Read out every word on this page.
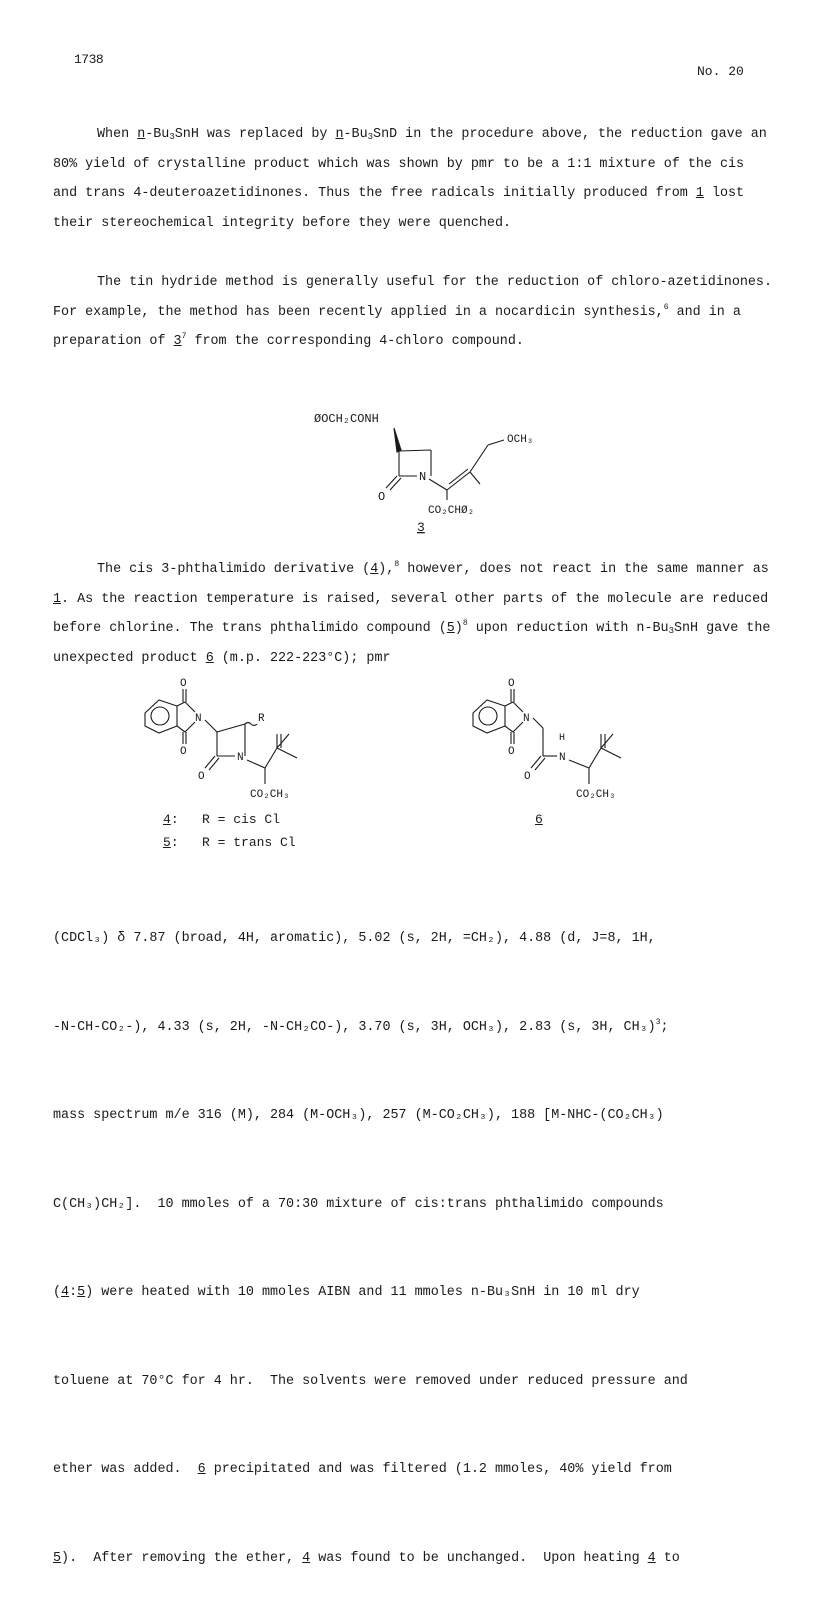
1738
No. 20

When $n-Bu_3SnH$ was replaced by $n-Bu_3SnD$ in the procedure above, the reduction gave an 80% yield of crystalline product which was shown by pmr to be a 1:1 mixture of the cis and trans 4-deuteroazetidinones. Thus the free radicals initially produced from 1 lost their stereochemical integrity before they were quenched.

The tin hydride method is generally useful for the reduction of chloro-azetidinones. For example, the method has been recently applied in a nocardicin synthesis,$^6$ and in a preparation of $3^7$ from the corresponding 4-chloro compound.

ØOCH₂CONH
N
O
OCH₃
CO₂CHØ₂
3

The cis 3-phthalimido derivative (4),$^8$ however, does not react in the same manner as 1. As the reaction temperature is raised, several other parts of the molecule are reduced before chlorine. The trans phthalimido compound $(5)^8$ upon reduction with $n-Bu_3SnH$ gave the unexpected product 6 (m.p. 222-223°C); pmr

O
N
O
R
N
O
CO₂CH₃
4:   R = cis Cl
5:   R = trans Cl
O
N
O
H
N
O
CO₂CH₃
6

(CDCl₃) δ 7.87 (broad, 4H, aromatic), 5.02 (s, 2H, =CH₂), 4.88 (d, J=8, 1H,

-N-CH-CO₂-), 4.33 (s, 2H, -N-CH₂CO-), 3.70 (s, 3H, OCH₃), 2.83 (s, 3H, CH₃)$^3$;

mass spectrum m/e 316 (M), 284 (M-OCH₃), 257 (M-CO₂CH₃), 188 [M-NHC-(CO₂CH₃)

C(CH₃)CH₂].  10 mmoles of a 70:30 mixture of cis:trans phthalimido compounds

(4:5) were heated with 10 mmoles AIBN and 11 mmoles n-Bu₃SnH in 10 ml dry

toluene at 70°C for 4 hr.  The solvents were removed under reduced pressure and

ether was added.  6 precipitated and was filtered (1.2 mmoles, 40% yield from

5).  After removing the ether, 4 was found to be unchanged.  Upon heating 4 to
